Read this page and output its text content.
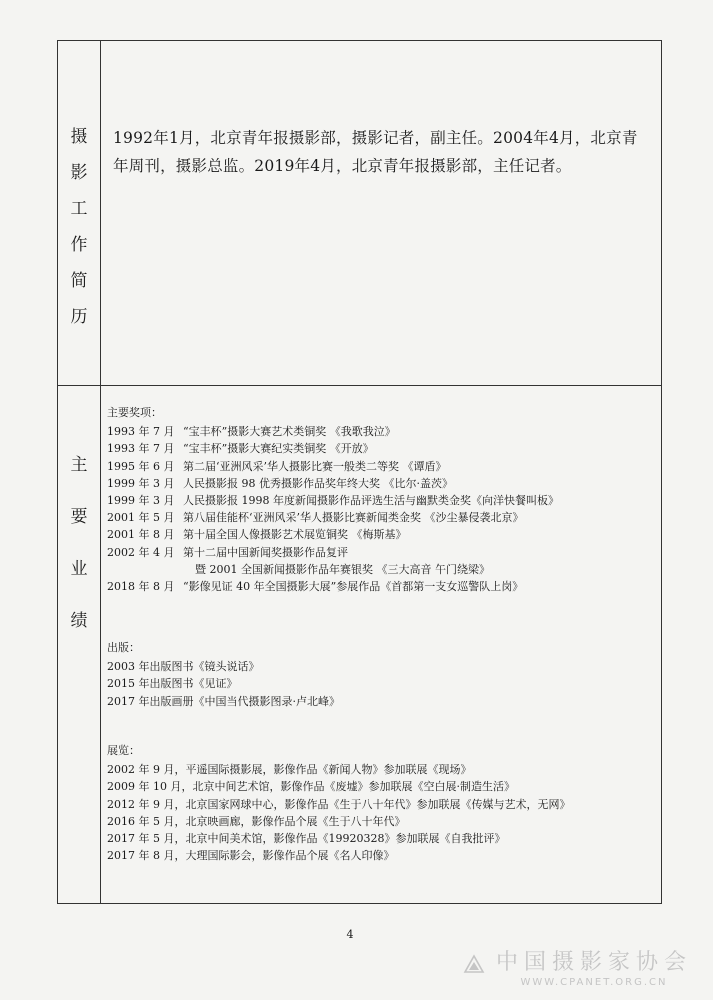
摄
影
工
作
简
历
1992年1月，北京青年报摄影部，摄影记者，副主任。2004年4月，北京青年周刊，摄影总监。2019年4月，北京青年报摄影部，主任记者。
主
要
业
绩
主要奖项：
1993 年 7 月 “宝丰杯”摄影大赛艺术类铜奖 《我歌我泣》
1993 年 7 月 “宝丰杯”摄影大赛纪实类铜奖 《开放》
1995 年 6 月 第二届‘亚洲风采’华人摄影比赛一般类二等奖 《谭盾》
1999 年 3 月 人民摄影报 98 优秀摄影作品奖年终大奖 《比尔·盖茨》
1999 年 3 月 人民摄影报 1998 年度新闻摄影作品评选生活与幽默类金奖《向洋快餐叫板》
2001 年 5 月 第八届佳能杯‘亚洲风采’华人摄影比赛新闻类金奖 《沙尘暴侵袭北京》
2001 年 8 月 第十届全国人像摄影艺术展览铜奖 《梅斯基》
2002 年 4 月 第十二届中国新闻奖摄影作品复评
暨 2001 全国新闻摄影作品年赛银奖 《三大高音 午门绕梁》
2018 年 8 月 “影像见证 40 年全国摄影大展”参展作品《首都第一支女巡警队上岗》
出版：
2003 年出版图书《镜头说话》
2015 年出版图书《见证》
2017 年出版画册《中国当代摄影图录·卢北峰》
展览：
2002 年 9 月，平遥国际摄影展，影像作品《新闻人物》参加联展《现场》
2009 年 10 月，北京中间艺术馆，影像作品《废墟》参加联展《空白展·制造生活》
2012 年 9 月，北京国家网球中心，影像作品《生于八十年代》参加联展《传媒与艺术，无网》
2016 年 5 月，北京映画廊，影像作品个展《生于八十年代》
2017 年 5 月，北京中间美术馆，影像作品《19920328》参加联展《自我批评》
2017 年 8 月，大理国际影会，影像作品个展《名人印像》
4
中国摄影家协会
WWW.CPANET.ORG.CN
